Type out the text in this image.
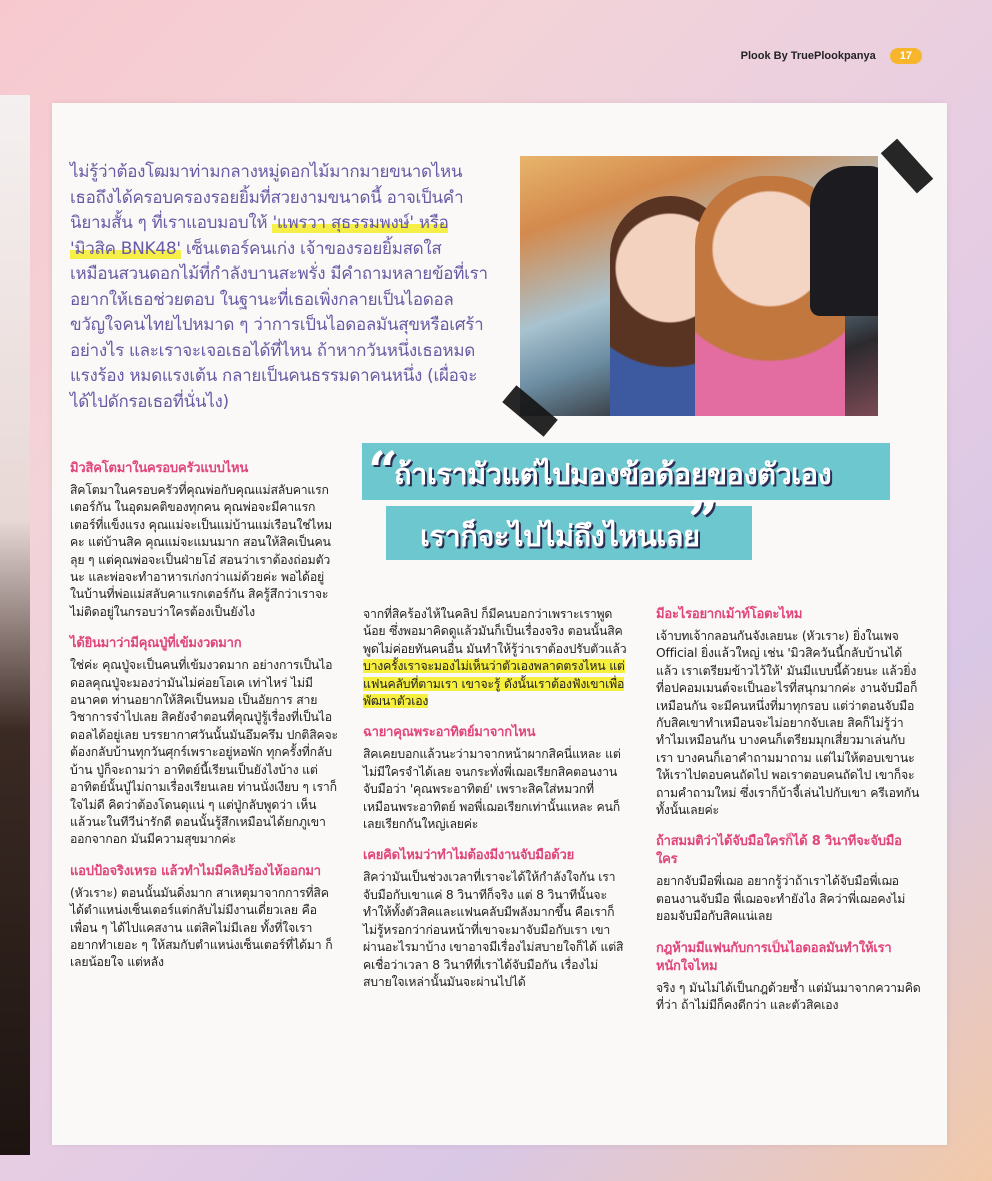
Plook By TruePlookpanya	17
ไม่รู้ว่าต้องโฒมาท่ามกลางหมู่ดอกไม้มากมายขนาดไหน เธอถึงได้ครอบครองรอยยิ้มที่สวยงามขนาดนี้ อาจเป็นคำนิยามสั้น ๆ ที่เราแอบมอบให้ 'แพรวา สุธรรมพงษ์' หรือ 'มิวสิค BNK48' เซ็นเตอร์คนเก่ง เจ้าของรอยยิ้มสดใสเหมือนสวนดอกไม้ที่กำลังบานสะพรั่ง มีคำถามหลายข้อที่เราอยากให้เธอช่วยตอบ ในฐานะที่เธอเพิ่งกลายเป็นไอดอลขวัญใจคนไทยไปหมาด ๆ ว่าการเป็นไอดอลมันสุขหรือเศร้าอย่างไร และเราจะเจอเธอได้ที่ไหน ถ้าหากวันหนึ่งเธอหมดแรงร้อง หมดแรงเต้น กลายเป็นคนธรรมดาคนหนึ่ง (เผื่อจะได้ไปดักรอเธอที่นั่นไง)
“
ถ้าเรามัวแต่ไปมองข้อด้อยของตัวเอง
เราก็จะไปไม่ถึงไหนเลย
”
มิวสิคโตมาในครอบครัวแบบไหน

สิคโตมาในครอบครัวที่คุณพ่อกับคุณแม่สลับคาแรกเตอร์กัน ในอุดมคติของทุกคน คุณพ่อจะมีคาแรกเตอร์ที่แข็งแรง คุณแม่จะเป็นแม่บ้านแม่เรือนใช่ไหมคะ แต่บ้านสิค คุณแม่จะแมนมาก สอนให้สิคเป็นคนลุย ๆ แต่คุณพ่อจะเป็นฝ่ายโอ๋ สอนว่าเราต้องถ่อมตัวนะ และพ่อจะทำอาหารเก่งกว่าแม่ด้วยค่ะ พอได้อยู่ในบ้านที่พ่อแม่สลับคาแรกเตอร์กัน สิครู้สึกว่าเราจะไม่ติดอยู่ในกรอบว่าใครต้องเป็นยังไง

ได้ยินมาว่ามีคุณปู่ที่เข้มงวดมาก

ใช่ค่ะ คุณปู่จะเป็นคนที่เข้มงวดมาก อย่างการเป็นไอดอลคุณปู่จะมองว่ามันไม่ค่อยโอเค เท่าไหร่ ไม่มีอนาคต ท่านอยากให้สิคเป็นหมอ เป็นอัยการ สายวิชาการจ๋าไปเลย สิคยังจำตอนที่คุณปู่รู้เรื่องที่เป็นไอดอลได้อยู่เลย บรรยากาศวันนั้นมันอึมครึม ปกติสิคจะต้องกลับบ้านทุกวันศุกร์เพราะอยู่หอพัก ทุกครั้งที่กลับบ้าน ปู่ก็จะถามว่า อาทิตย์นี้เรียนเป็นยังไงบ้าง แต่อาทิตย์นั้นปู่ไม่ถามเรื่องเรียนเลย ท่านนั่งเงียบ ๆ เราก็ใจไม่ดี คิดว่าต้องโดนดุแน่ ๆ แต่ปู่กลับพูดว่า เห็นแล้วนะในทีวีน่ารักดี ตอนนั้นรู้สึกเหมือนได้ยกภูเขาออกจากอก มันมีความสุขมากค่ะ

แอปป้อจริงเหรอ แล้วทำไมมีคลิปร้องไห้ออกมา

(หัวเราะ) ตอนนั้นมันดิ่งมาก สาเหตุมาจากการที่สิคได้ตำแหน่งเซ็นเตอร์แต่กลับไม่มีงานเดี่ยวเลย คือเพื่อน ๆ ได้ไปแคสงาน แต่สิคไม่มีเลย ทั้งที่ใจเราอยากทำเยอะ ๆ ให้สมกับตำแหน่งเซ็นเตอร์ที่ได้มา ก็เลยน้อยใจ แต่หลัง

จากที่สิคร้องไห้ในคลิป ก็มีคนบอกว่าเพราะเราพูดน้อย ซึ่งพอมาคิดดูแล้วมันก็เป็นเรื่องจริง ตอนนั้นสิคพูดไม่ค่อยทันคนอื่น มันทำให้รู้ว่าเราต้องปรับตัวแล้ว บางครั้งเราจะมองไม่เห็นว่าตัวเองพลาดตรงไหน แต่แฟนคลับที่ตามเรา เขาจะรู้ ดังนั้นเราต้องฟังเขาเพื่อพัฒนาตัวเอง

ฉายาคุณพระอาทิตย์มาจากไหน

สิคเคยบอกแล้วนะว่ามาจากหน้าผากสิคนี่แหละ แต่ไม่มีใครจำได้เลย จนกระทั่งพี่เฌอเรียกสิคตอนงานจับมือว่า 'คุณพระอาทิตย์' เพราะสิคใส่หมวกที่เหมือนพระอาทิตย์ พอพี่เฌอเรียกเท่านั้นแหละ คนก็เลยเรียกกันใหญ่เลยค่ะ

เคยคิดไหมว่าทำไมต้องมีงานจับมือด้วย

สิคว่ามันเป็นช่วงเวลาที่เราจะได้ให้กำลังใจกัน เราจับมือกับเขาแค่ 8 วินาทีก็จริง แต่ 8 วินาทีนั้นจะทำให้ทั้งตัวสิคและแฟนคลับมีพลังมากขึ้น คือเราก็ไม่รู้หรอกว่าก่อนหน้าที่เขาจะมาจับมือกับเรา เขาผ่านอะไรมาบ้าง เขาอาจมีเรื่องไม่สบายใจก็ได้ แต่สิคเชื่อว่าเวลา 8 วินาทีที่เราได้จับมือกัน เรื่องไม่สบายใจเหล่านั้นมันจะผ่านไปได้

มีอะไรอยากเม้าท์โอตะไหม

เจ้าบทเจ้ากลอนกันจังเลยนะ (หัวเราะ) ยิ่งในเพจ Official ยิ่งแล้วใหญ่ เช่น 'มิวสิควันนี้กลับบ้านได้แล้ว เราเตรียมข้าวไว้ให้' มันมีแบบนี้ด้วยนะ แล้วยิ่งที่อปคอมเมนต์จะเป็นอะไรที่สนุกมากค่ะ งานจับมือก็เหมือนกัน จะมีคนหนึ่งที่มาทุกรอบ แต่ว่าตอนจับมือกับสิคเขาทำเหมือนจะไม่อยากจับเลย สิคก็ไม่รู้ว่าทำไมเหมือนกัน บางคนก็เตรียมมุกเสี่ยวมาเล่นกับเรา บางคนก็เอาคำถามมาถาม แต่ไม่ให้ตอบเขานะ ให้เราไปตอบคนถัดไป พอเราตอบคนถัดไป เขาก็จะถามคำถามใหม่ ซึ่งเราก็บ้าจี้เล่นไปกับเขา ครีเอทกันทั้งนั้นเลยค่ะ

ถ้าสมมติว่าได้จับมือใครก็ได้ 8 วินาทีจะจับมือใคร

อยากจับมือพี่เฌอ อยากรู้ว่าถ้าเราได้จับมือพี่เฌอตอนงานจับมือ พี่เฌอจะทำยังไง สิคว่าพี่เฌอคงไม่ยอมจับมือกับสิคแน่เลย

กฎห้ามมีแฟนกับการเป็นไอดอลมันทำให้เราหนักใจไหม

จริง ๆ มันไม่ได้เป็นกฎด้วยซ้ำ แต่มันมาจากความคิดที่ว่า ถ้าไม่มีก็คงดีกว่า และตัวสิคเอง
